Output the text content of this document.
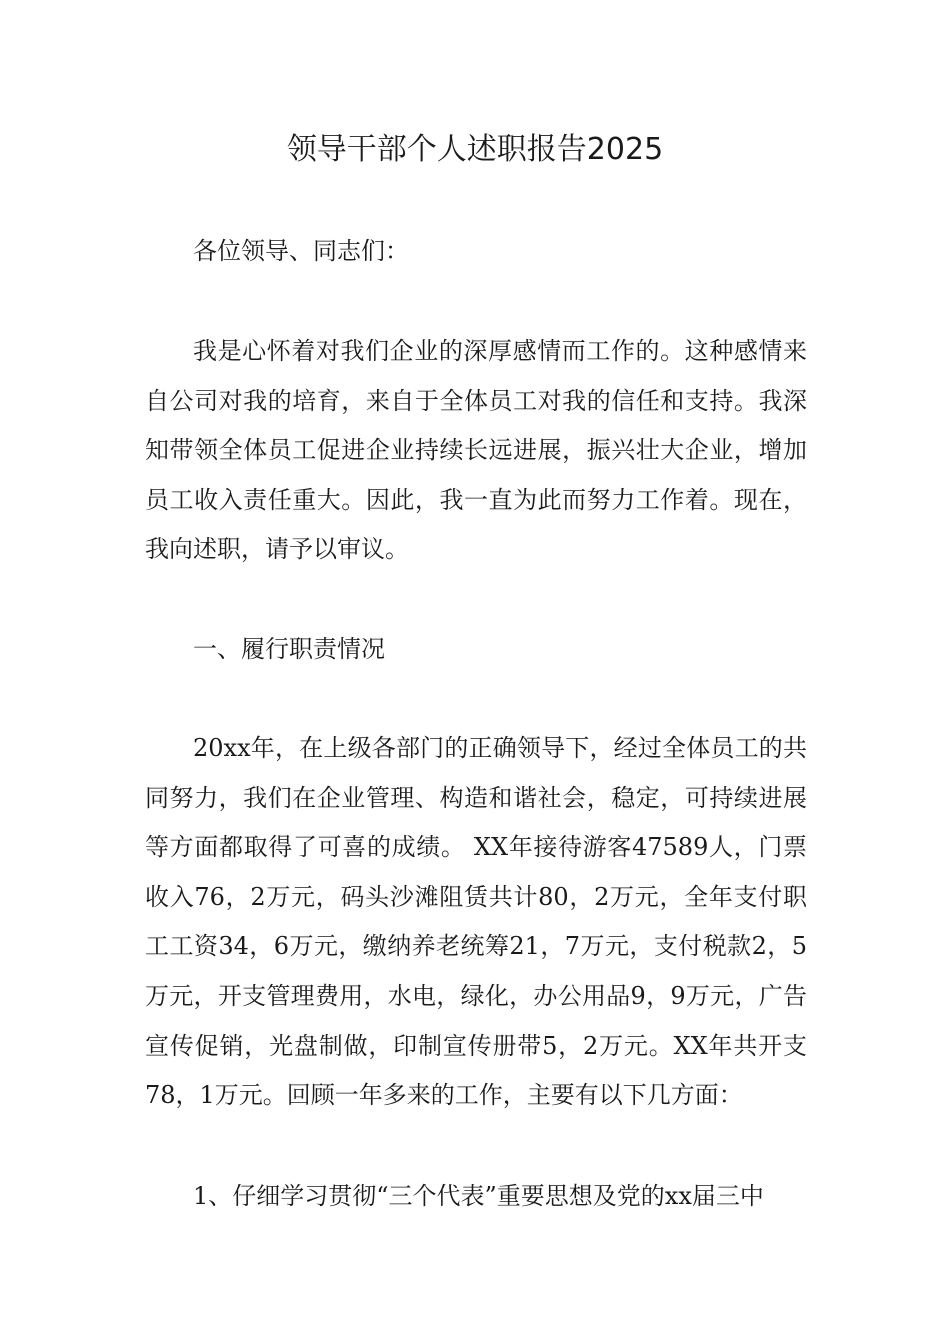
领导干部个人述职报告2025

各位领导、同志们：

我是心怀着对我们企业的深厚感情而工作的。这种感情来自公司对我的培育，来自于全体员工对我的信任和支持。我深知带领全体员工促进企业持续长远进展，振兴壮大企业，增加员工收入责任重大。因此，我一直为此而努力工作着。现在，我向述职，请予以审议。

一、履行职责情况

20xx年，在上级各部门的正确领导下，经过全体员工的共同努力，我们在企业管理、构造和谐社会，稳定，可持续进展等方面都取得了可喜的成绩。 XX年接待游客47589人，门票收入76，2万元，码头沙滩阻赁共计80，2万元，全年支付职工工资34，6万元，缴纳养老统筹21，7万元，支付税款2，5万元，开支管理费用，水电，绿化，办公用品9，9万元，广告宣传促销，光盘制做，印制宣传册带5，2万元。XX年共开支78，1万元。回顾一年多来的工作，主要有以下几方面：

1、仔细学习贯彻“三个代表”重要思想及党的xx届三中
